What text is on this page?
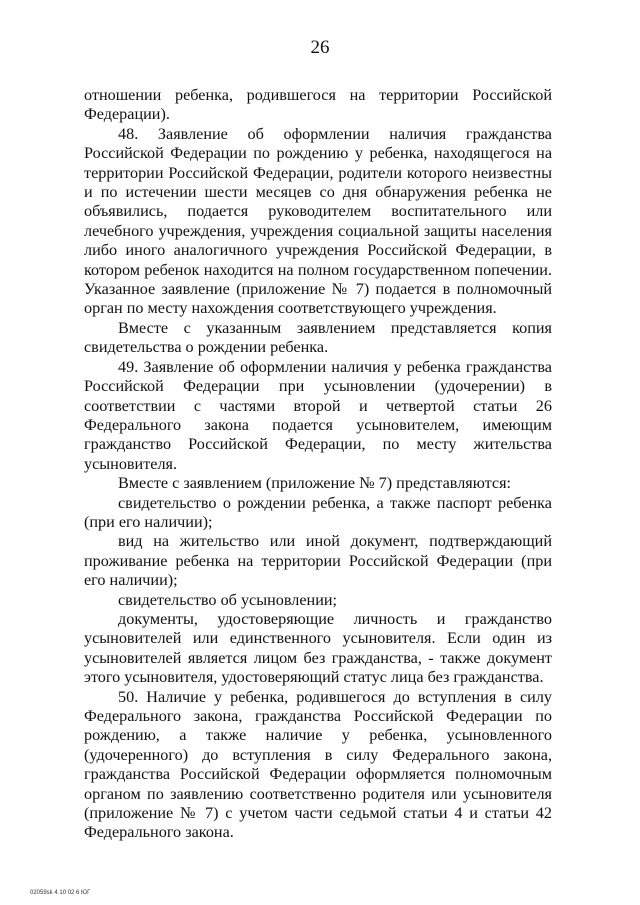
26

отношении ребенка, родившегося на территории Российской Федерации).

48. Заявление об оформлении наличия гражданства Российской Федерации по рождению у ребенка, находящегося на территории Российской Федерации, родители которого неизвестны и по истечении шести месяцев со дня обнаружения ребенка не объявились, подается руководителем воспитательного или лечебного учреждения, учреждения социальной защиты населения либо иного аналогичного учреждения Российской Федерации, в котором ребенок находится на полном государственном попечении. Указанное заявление (приложение № 7) подается в полномочный орган по месту нахождения соответствующего учреждения.

Вместе с указанным заявлением представляется копия свидетельства о рождении ребенка.

49. Заявление об оформлении наличия у ребенка гражданства Российской Федерации при усыновлении (удочерении) в соответствии с частями второй и четвертой статьи 26 Федерального закона подается усыновителем, имеющим гражданство Российской Федерации, по месту жительства усыновителя.

Вместе с заявлением (приложение № 7) представляются:

свидетельство о рождении ребенка, а также паспорт ребенка (при его наличии);

вид на жительство или иной документ, подтверждающий проживание ребенка на территории Российской Федерации (при его наличии);

свидетельство об усыновлении;

документы, удостоверяющие личность и гражданство усыновителей или единственного усыновителя. Если один из усыновителей является лицом без гражданства, - также документ этого усыновителя, удостоверяющий статус лица без гражданства.

50. Наличие у ребенка, родившегося до вступления в силу Федерального закона, гражданства Российской Федерации по рождению, а также наличие у ребенка, усыновленного (удочеренного) до вступления в силу Федерального закона, гражданства Российской Федерации оформляется полномочным органом по заявлению соответственно родителя или усыновителя (приложение № 7) с учетом части седьмой статьи 4 и статьи 42 Федерального закона.

02059sk 4 10 02 6 ЮГ
